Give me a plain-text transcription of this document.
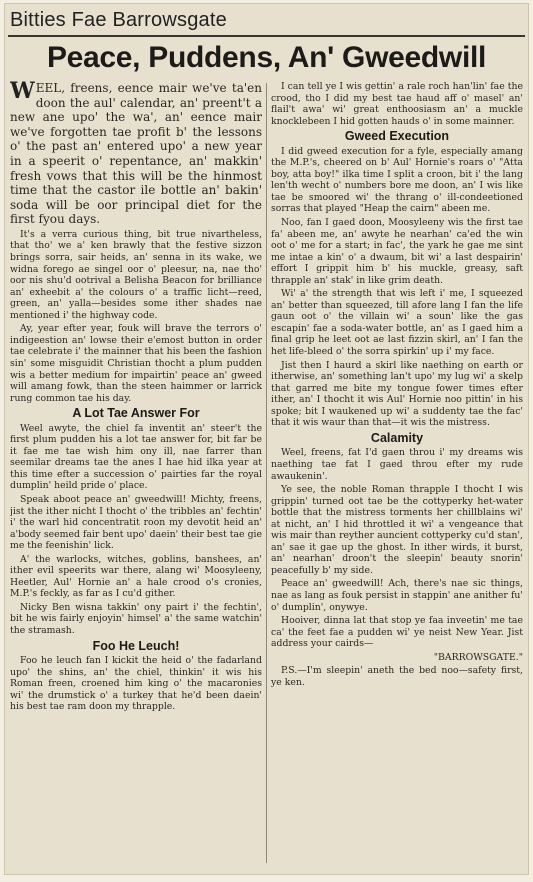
Bitties Fae Barrowsgate
Peace, Puddens, An' Gweedwill

WEEL, freens, eence mair we've ta'en doon the aul' calendar, an' preent't a new ane upo' the wa', an' eence mair we've forgotten tae profit b' the lessons o' the past an' entered upo' a new year in a speerit o' repentance, an' makkin' fresh vows that this will be the hinmost time that the castor ile bottle an' bakin' soda will be oor principal diet for the first fyou days.

It's a verra curious thing, bit true nivartheless, that tho' we a' ken brawly that the festive sizzon brings sorra, sair heids, an' senna in its wake, we widna forego ae singel oor o' pleesur, na, nae tho' oor nis shu'd ootrival a Belisha Beacon for brilliance an' exheebit a' the colours o' a traffic licht—reed, green, an' yalla—besides some ither shades nae mentioned i' the highway code.

Ay, year efter year, fouk will brave the terrors o' indigeestion an' lowse their e'emost button in order tae celebrate i' the mainner that his been the fashion sin' some misguidit Christian thocht a plum pudden wis a better medium for impairtin' peace an' gweed will amang fowk, than the steen haimmer or larrick rung common tae his day.

A Lot Tae Answer For

Weel awyte, the chiel fa inventit an' steer't the first plum pudden his a lot tae answer for, bit far be it fae me tae wish him ony ill, nae farrer than seemilar dreams tae the anes I hae hid ilka year at this time efter a succession o' pairties far the royal dumplin' heild pride o' place.

Speak aboot peace an' gweedwill! Michty, freens, jist the ither nicht I thocht o' the tribbles an' fechtin' i' the warl hid concentratit roon my devotit heid an' a'body seemed fair bent upo' daein' their best tae gie me the feenishin' lick.

A' the warlocks, witches, goblins, banshees, an' ither evil speerits war there, alang wi' Moosyleeny, Heetler, Aul' Hornie an' a hale crood o's cronies, M.P.'s feckly, as far as I cu'd gither.

Nicky Ben wisna takkin' ony pairt i' the fechtin', bit he wis fairly enjoyin' himsel' a' the same watchin' the stramash.

Foo He Leuch!

Foo he leuch fan I kickit the heid o' the fadarland upo' the shins, an' the chiel, thinkin' it wis his Roman freen, croened him king o' the macaronies wi' the drumstick o' a turkey that he'd been daein' his best tae ram doon my thrapple.

I can tell ye I wis gettin' a rale roch han'lin' fae the crood, tho I did my best tae haud aff o' masel' an' flail't awa' wi' great enthoosiasm an' a muckle knocklebeen I hid gotten hauds o' in some mainner.

Gweed Execution

I did gweed execution for a fyle, especially amang the M.P.'s, cheered on b' Aul' Hornie's roars o' "Atta boy, atta boy!" ilka time I split a croon, bit i' the lang len'th wecht o' numbers bore me doon, an' I wis like tae be smoored wi' the thrang o' ill-condeetioned sorras that played "Heap the cairn" abeen me.

Noo, fan I gaed doon, Moosyleeny wis the first tae fa' abeen me, an' awyte he nearhan' ca'ed the win oot o' me for a start; in fac', the yark he gae me sint me intae a kin' o' a dwaum, bit wi' a last despairin' effort I grippit him b' his muckle, greasy, saft thrapple an' stak' in like grim death.

Wi' a' the strength that wis left i' me, I squeezed an' better than squeezed, till afore lang I fan the life gaun oot o' the villain wi' a soun' like the gas escapin' fae a soda-water bottle, an' as I gaed him a final grip he leet oot ae last fizzin skirl, an' I fan the het life-bleed o' the sorra spirkin' up i' my face.

Jist then I haurd a skirl like naething on earth or itherwise, an' something lan't upo' my lug wi' a skelp that garred me bite my tongue fower times efter ither, an' I thocht it wis Aul' Hornie noo pittin' in his spoke; bit I waukened up wi' a suddenty tae the fac' that it wis waur than that—it wis the mistress.

Calamity

Weel, freens, fat I'd gaen throu i' my dreams wis naething tae fat I gaed throu efter my rude awaukenin'.

Ye see, the noble Roman thrapple I thocht I wis grippin' turned oot tae be the cottyperky het-water bottle that the mistress torments her chillblains wi' at nicht, an' I hid throttled it wi' a vengeance that wis mair than reyther auncient cottyperky cu'd stan', an' sae it gae up the ghost. In ither wirds, it burst, an' nearhan' droon't the sleepin' beauty snorin' peacefully b' my side.

Peace an' gweedwill! Ach, there's nae sic things, nae as lang as fouk persist in stappin' ane anither fu' o' dumplin', onywye.

Hooiver, dinna lat that stop ye faa inveetin' me tae ca' the feet fae a pudden wi' ye neist New Year. Jist address your cairds—

"BARROWSGATE."

P.S.—I'm sleepin' aneth the bed noo—safety first, ye ken.
